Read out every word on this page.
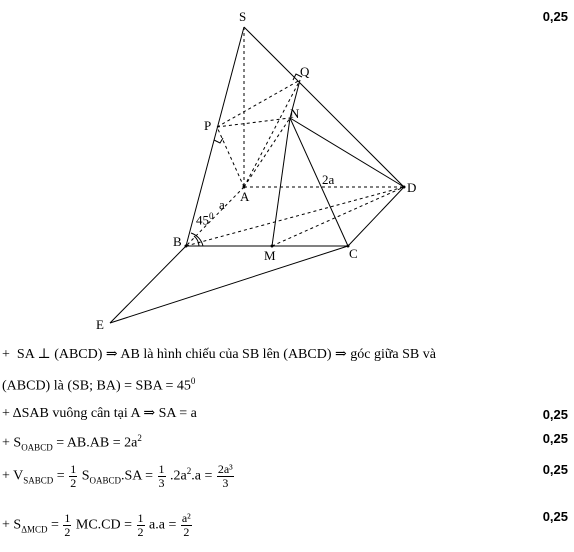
S
Q
P
N
A
D
B
M	C
E
2a
a
$45^0$
0,25
0,25
0,25
0,25
0,25
+ SA ⊥ (ABCD) ⇒ AB là hình chiếu của SB lên (ABCD) ⇒ góc giữa SB và
(ABCD) là (SB; BA) = SBA = $45^0$
+ ΔSAB vuông cân tại A ⇒ SA = a
+ $S_{OABCD} = AB.AB = 2a^2$
+ $V_{SABCD} = \frac{1}{2} S_{OABCD}.SA = \frac{1}{3} .2a^2.a = \frac{\text{2a³}}{3}$
+ $S_{\Delta MCD} = \frac{1}{2} MC.CD = \frac{1}{2} a.a = \frac{\text{a²}}{2}$
